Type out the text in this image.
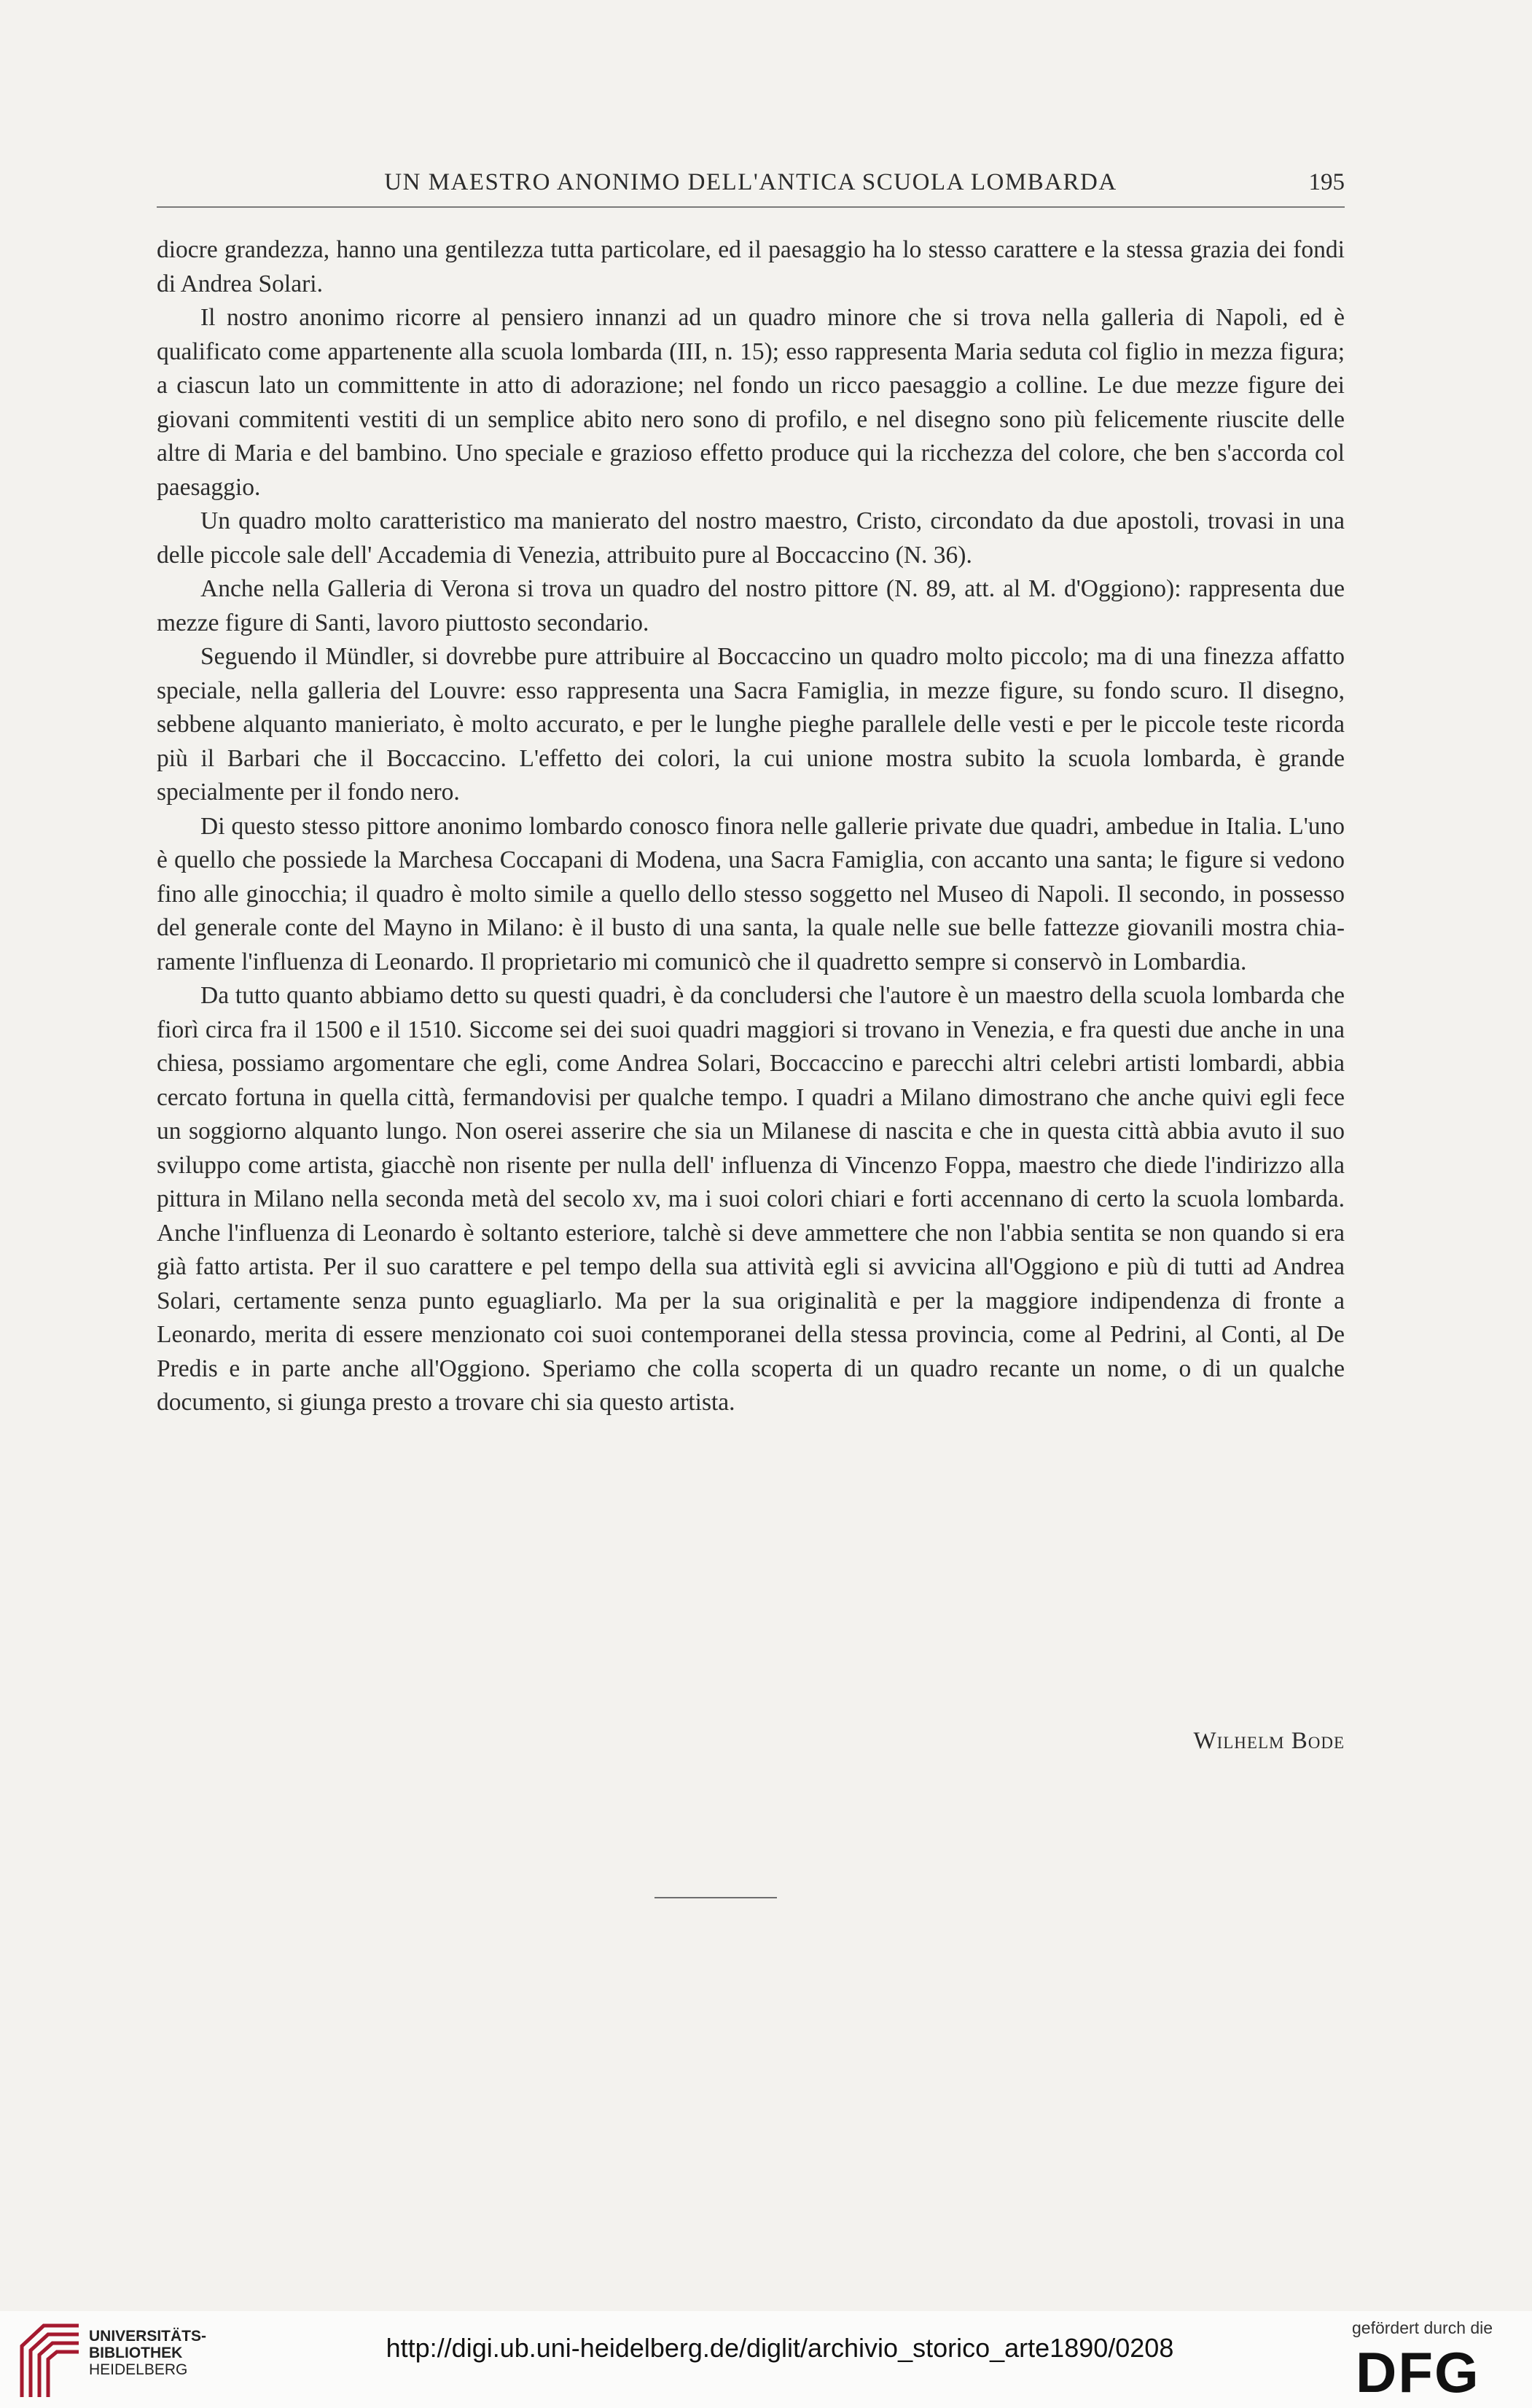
UN MAESTRO ANONIMO DELL'ANTICA SCUOLA LOMBARDA	195

diocre grandezza, hanno una gentilezza tutta particolare, ed il paesaggio ha lo stesso carattere e la stessa grazia dei fondi di Andrea Solari.

Il nostro anonimo ricorre al pensiero innanzi ad un quadro minore che si trova nella galleria di Napoli, ed è qualificato come appartenente alla scuola lombarda (III, n. 15); esso rappresenta Maria seduta col figlio in mezza figura; a ciascun lato un committente in atto di adorazione; nel fondo un ricco paesaggio a colline. Le due mezze figure dei giovani commitenti vestiti di un semplice abito nero sono di profilo, e nel disegno sono più felicemente riuscite delle altre di Maria e del bambino. Uno speciale e grazioso effetto produce qui la ricchezza del colore, che ben s'accorda col paesaggio.

Un quadro molto caratteristico ma manierato del nostro maestro, Cristo, circondato da due apostoli, trovasi in una delle piccole sale dell' Accademia di Venezia, attribuito pure al Boccaccino (N. 36).

Anche nella Galleria di Verona si trova un quadro del nostro pittore (N. 89, att. al M. d'Oggiono): rappresenta due mezze figure di Santi, lavoro piuttosto secondario.

Seguendo il Mündler, si dovrebbe pure attribuire al Boccaccino un quadro molto piccolo; ma di una finezza affatto speciale, nella galleria del Louvre: esso rappresenta una Sacra Famiglia, in mezze figure, su fondo scuro. Il disegno, sebbene alquanto manieriato, è molto accurato, e per le lunghe pieghe parallele delle vesti e per le piccole teste ricorda più il Barbari che il Boccaccino. L'effetto dei colori, la cui unione mostra subito la scuola lombarda, è grande specialmente per il fondo nero.

Di questo stesso pittore anonimo lombardo conosco finora nelle gallerie private due quadri, ambedue in Italia. L'uno è quello che possiede la Marchesa Coccapani di Modena, una Sacra Famiglia, con accanto una santa; le figure si vedono fino alle ginocchia; il quadro è molto simile a quello dello stesso soggetto nel Museo di Napoli. Il secondo, in possesso del generale conte del Mayno in Milano: è il busto di una santa, la quale nelle sue belle fattezze giovanili mostra chiaramente l'influenza di Leonardo. Il proprietario mi comunicò che il quadretto sempre si conservò in Lombardia.

Da tutto quanto abbiamo detto su questi quadri, è da concludersi che l'autore è un maestro della scuola lombarda che fiorì circa fra il 1500 e il 1510. Siccome sei dei suoi quadri maggiori si trovano in Venezia, e fra questi due anche in una chiesa, possiamo argomentare che egli, come Andrea Solari, Boccaccino e parecchi altri celebri artisti lombardi, abbia cercato fortuna in quella città, fermandovisi per qualche tempo. I quadri a Milano dimostrano che anche quivi egli fece un soggiorno alquanto lungo. Non oserei asserire che sia un Milanese di nascita e che in questa città abbia avuto il suo sviluppo come artista, giacchè non risente per nulla dell' influenza di Vincenzo Foppa, maestro che diede l'indirizzo alla pittura in Milano nella seconda metà del secolo xv, ma i suoi colori chiari e forti accennano di certo la scuola lombarda. Anche l'influenza di Leonardo è soltanto esteriore, talchè si deve ammettere che non l'abbia sentita se non quando si era già fatto artista. Per il suo carattere e pel tempo della sua attività egli si avvicina all'Oggiono e più di tutti ad Andrea Solari, certamente senza punto eguagliarlo. Ma per la sua originalità e per la maggiore indipendenza di fronte a Leonardo, merita di essere menzionato coi suoi contemporanei della stessa provincia, come al Pedrini, al Conti, al De Predis e in parte anche all'Oggiono. Speriamo che colla scoperta di un quadro recante un nome, o di un qualche documento, si giunga presto a trovare chi sia questo artista.

Wilhelm Bode
UNIVERSITÄTS-
BIBLIOTHEK
HEIDELBERG
http://digi.ub.uni-heidelberg.de/diglit/archivio_storico_arte1890/0208
gefördert durch die
DFG
